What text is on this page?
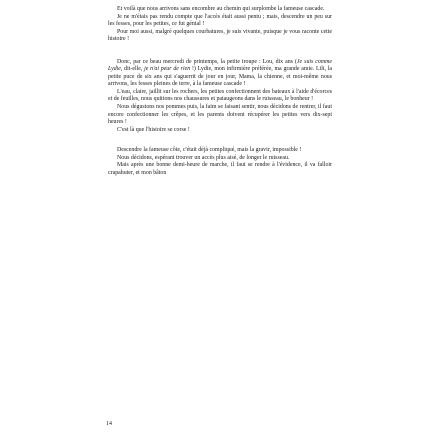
Et voilà que nous arrivons sans encombre au chemin qui surplombe la fameuse cascade.

Je ne m'étais pas rendu compte que l'accès était aussi pentu ; mais, descendre un peu sur les fesses, pour les petites, ce fut génial !

Pour moi aussi, malgré quelques courbatures, je suis vivante, puisque je vous raconte cette histoire !

Donc, par ce beau mercredi de printemps, la petite troupe : Lou, dix ans (Je suis comme Lydie, dit-elle, je n'ai peur de rien !) Lydie, mon infirmière préférée, ma grande amie. Lili, la petite puce de six ans qui s'aguerrit de jour en jour, Mama, la chienne, et moi-même nous arrivons, les fesses pleines de terre, à la fameuse cascade !

L'eau, claire, jaillit sur les rochers, les petites confectionnent des bateaux à l'aide d'écorces et de feuilles, nous quittons nos chaussures et pataugeons dans le ruisseau, le bonheur !

Nous dégustons nos pommes puis, la faim se faisant sentir, nous décidons de rentrer, il faut encore confectionner les crêpes, et les parents doivent récupérer les petites vers dix-sept heures !

C'est là que l'histoire se corse !

Descendre la fameuse côte, c'était déjà compliqué, mais la gravir, impossible !

Nous décidons, espérant trouver un accès plus aisé, de longer le ruisseau.

Mais après une bonne demi-heure de marche, il faut se rendre à l'évidence, il va falloir crapahuter, et mon bâton

14
